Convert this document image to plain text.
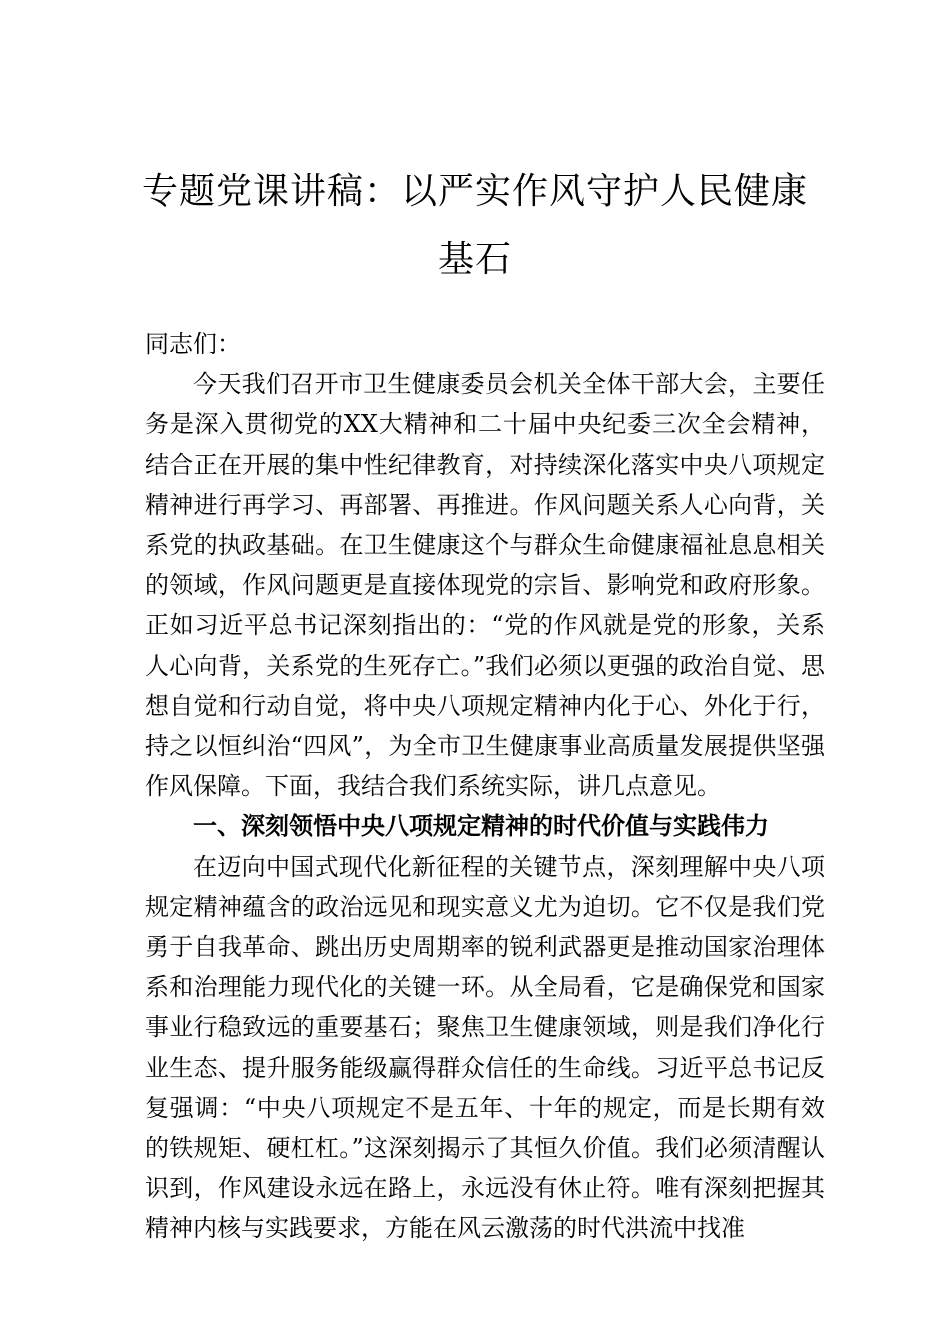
专题党课讲稿：以严实作风守护人民健康
基石

同志们：

今天我们召开市卫生健康委员会机关全体干部大会，主要任务是深入贯彻党的XX大精神和二十届中央纪委三次全会精神，结合正在开展的集中性纪律教育，对持续深化落实中央八项规定精神进行再学习、再部署、再推进。作风问题关系人心向背，关系党的执政基础。在卫生健康这个与群众生命健康福祉息息相关的领域，作风问题更是直接体现党的宗旨、影响党和政府形象。正如习近平总书记深刻指出的：“党的作风就是党的形象，关系人心向背，关系党的生死存亡。”我们必须以更强的政治自觉、思想自觉和行动自觉，将中央八项规定精神内化于心、外化于行，持之以恒纠治“四风”，为全市卫生健康事业高质量发展提供坚强作风保障。下面，我结合我们系统实际，讲几点意见。

一、深刻领悟中央八项规定精神的时代价值与实践伟力

在迈向中国式现代化新征程的关键节点，深刻理解中央八项规定精神蕴含的政治远见和现实意义尤为迫切。它不仅是我们党勇于自我革命、跳出历史周期率的锐利武器更是推动国家治理体系和治理能力现代化的关键一环。从全局看，它是确保党和国家事业行稳致远的重要基石；聚焦卫生健康领域，则是我们净化行业生态、提升服务能级赢得群众信任的生命线。习近平总书记反复强调：“中央八项规定不是五年、十年的规定，而是长期有效的铁规矩、硬杠杠。”这深刻揭示了其恒久价值。我们必须清醒认识到，作风建设永远在路上，永远没有休止符。唯有深刻把握其精神内核与实践要求，方能在风云激荡的时代洪流中找准
